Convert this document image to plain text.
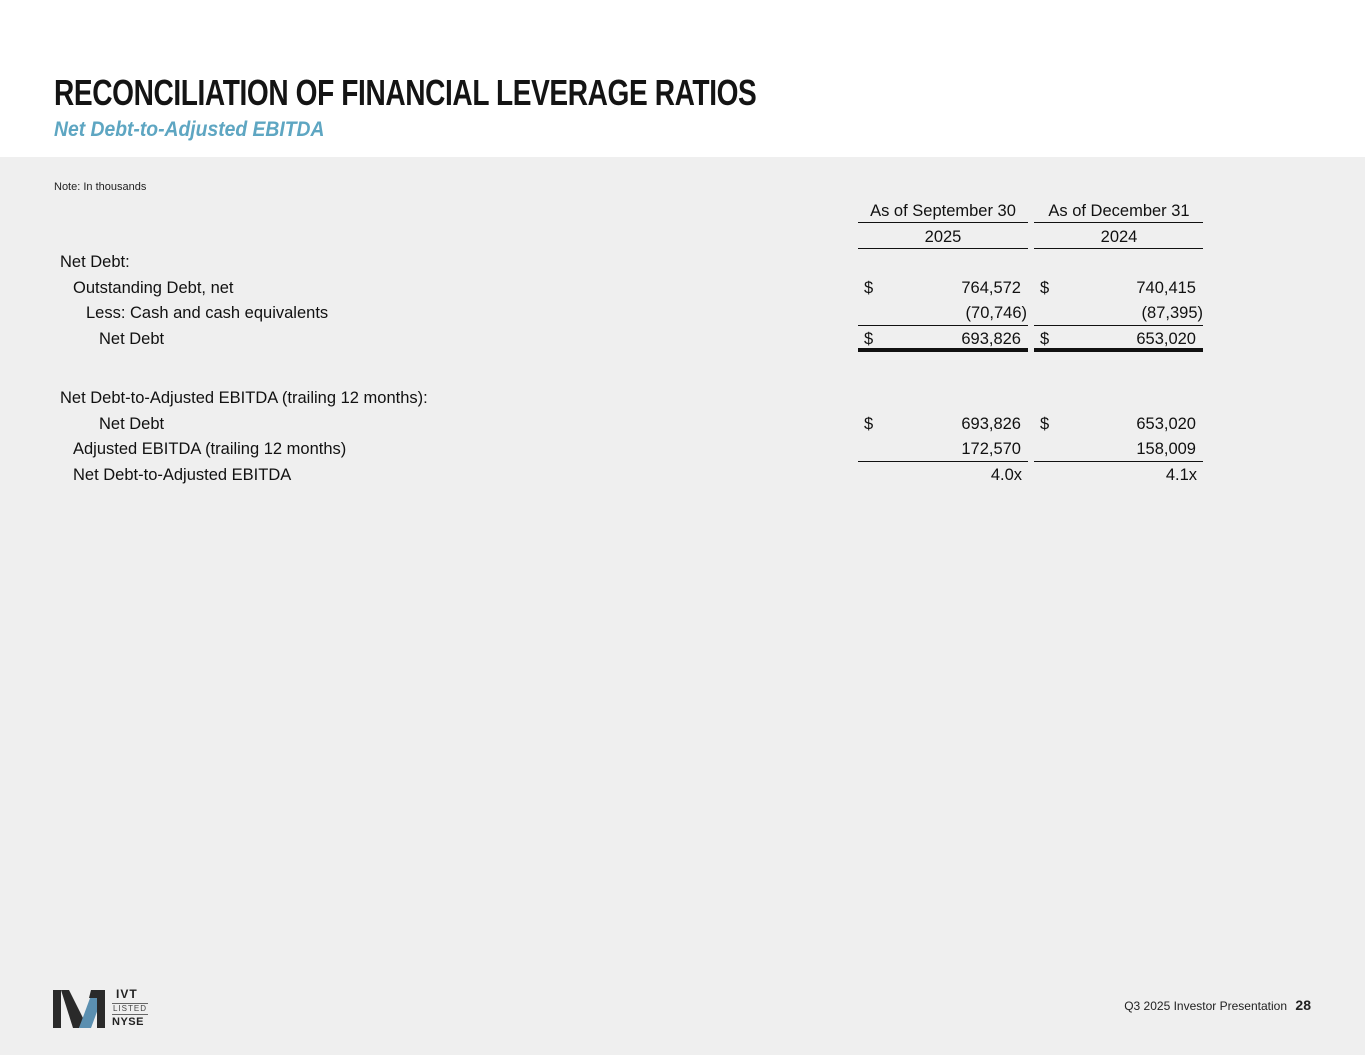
RECONCILIATION OF FINANCIAL LEVERAGE RATIOS
Net Debt-to-Adjusted EBITDA
Note: In thousands
As of September 30	As of December 31
2025	2024
Net Debt:
Outstanding Debt, net	$	764,572 $	740,415
Less: Cash and cash equivalents	(70,746)	(87,395)
Net Debt	$	693,826 $	653,020
Net Debt-to-Adjusted EBITDA (trailing 12 months):
Net Debt	$	693,826 $	653,020
Adjusted EBITDA (trailing 12 months)	172,570	158,009
Net Debt-to-Adjusted EBITDA	4.0x	4.1x
IVT
LISTED
NYSE
Q3 2025 Investor Presentation 28
